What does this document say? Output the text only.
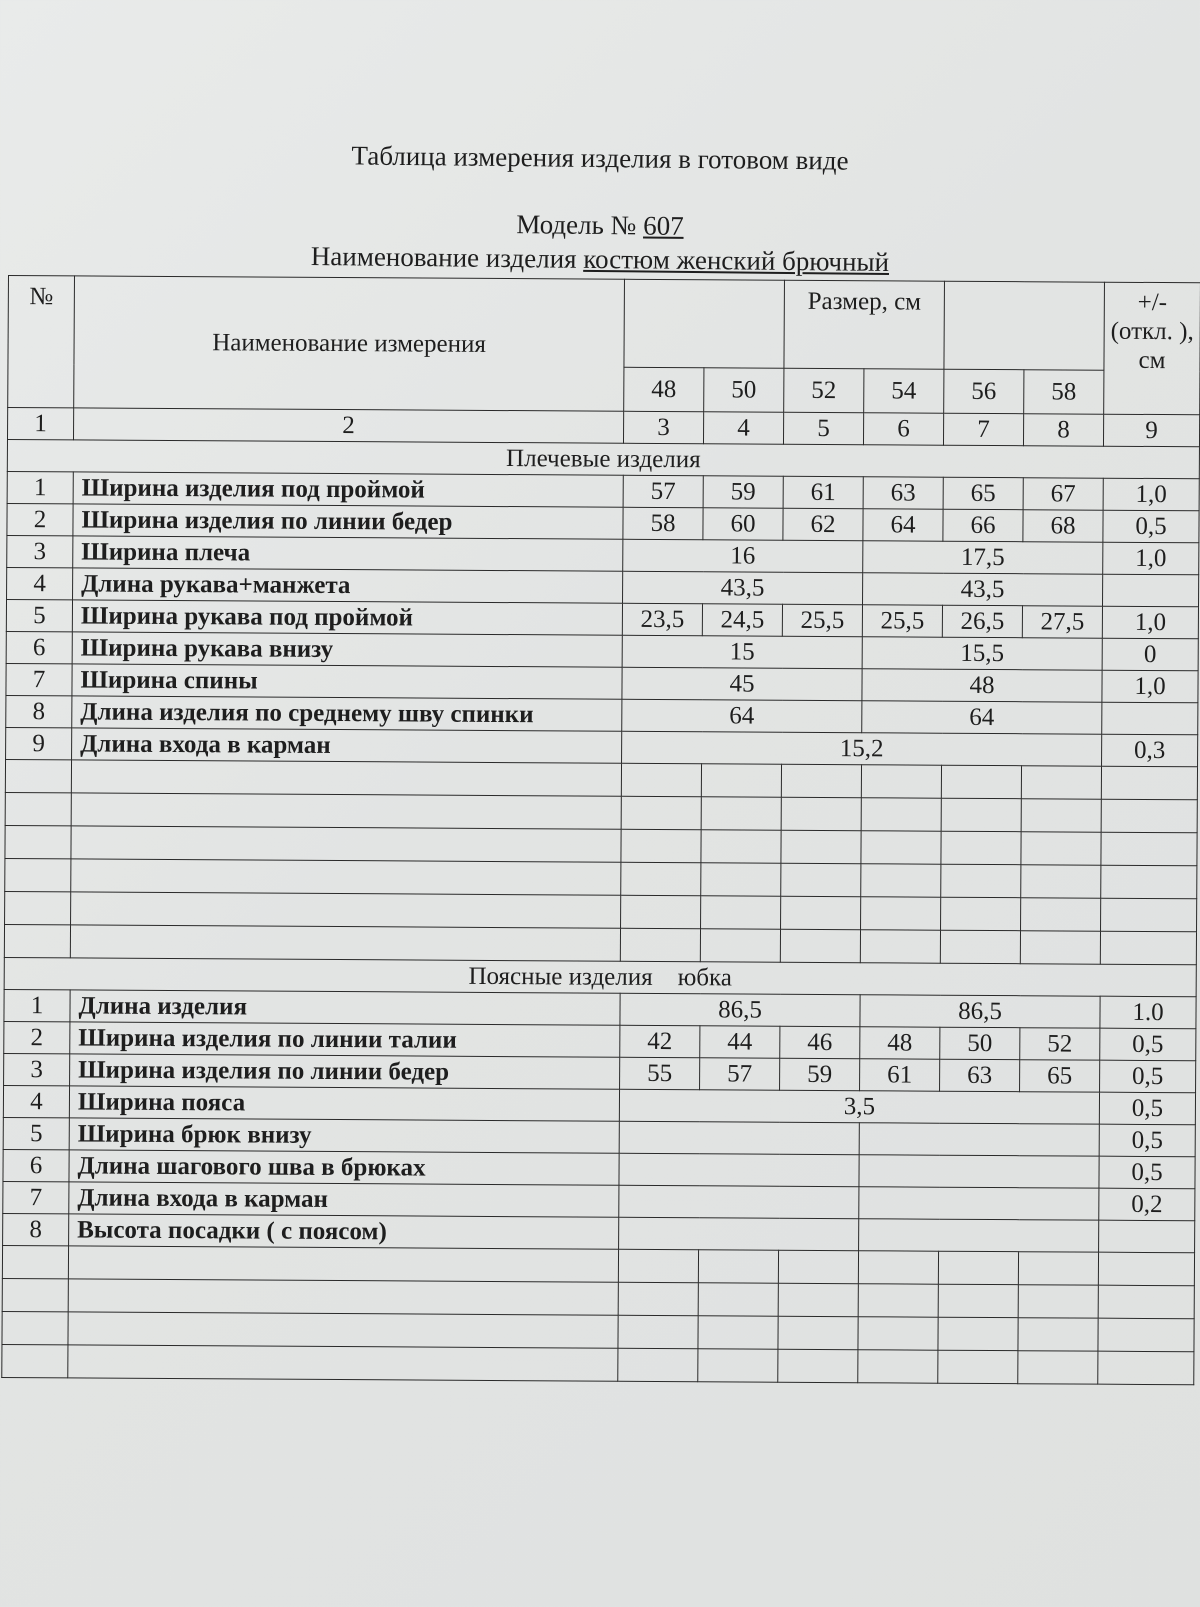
Таблица измерения изделия в готовом виде
Модель № 607
Наименование изделия костюм женский брючный
№	Наименование измерения			Размер, см				+/- (откл. ), см
		48	50	52	54	56	58	
1	2	3	4	5	6	7	8	9
Плечевые изделия								
1	Ширина изделия под проймой	57	59	61	63	65	67	1,0
2	Ширина изделия по линии бедер	58	60	62	64	66	68	0,5
3	Ширина плеча	16			17,5			1,0
4	Длина рукава+манжета	43,5			43,5			
5	Ширина рукава под проймой	23,5	24,5	25,5	25,5	26,5	27,5	1,0
6	Ширина рукава внизу	15			15,5			0
7	Ширина спины	45			48			1,0
8	Длина изделия по среднему шву спинки	64			64			
9	Длина входа в карман	15,2						0,3

Поясные изделия    юбка								
1	Длина изделия	86,5			86,5			1.0
2	Ширина изделия по линии талии	42	44	46	48	50	52	0,5
3	Ширина изделия по линии бедер	55	57	59	61	63	65	0,5
4	Ширина пояса	3,5						0,5
5	Ширина брюк внизу							0,5
6	Длина шагового шва в брюках							0,5
7	Длина входа в карман							0,2
8	Высота посадки ( с поясом)							
